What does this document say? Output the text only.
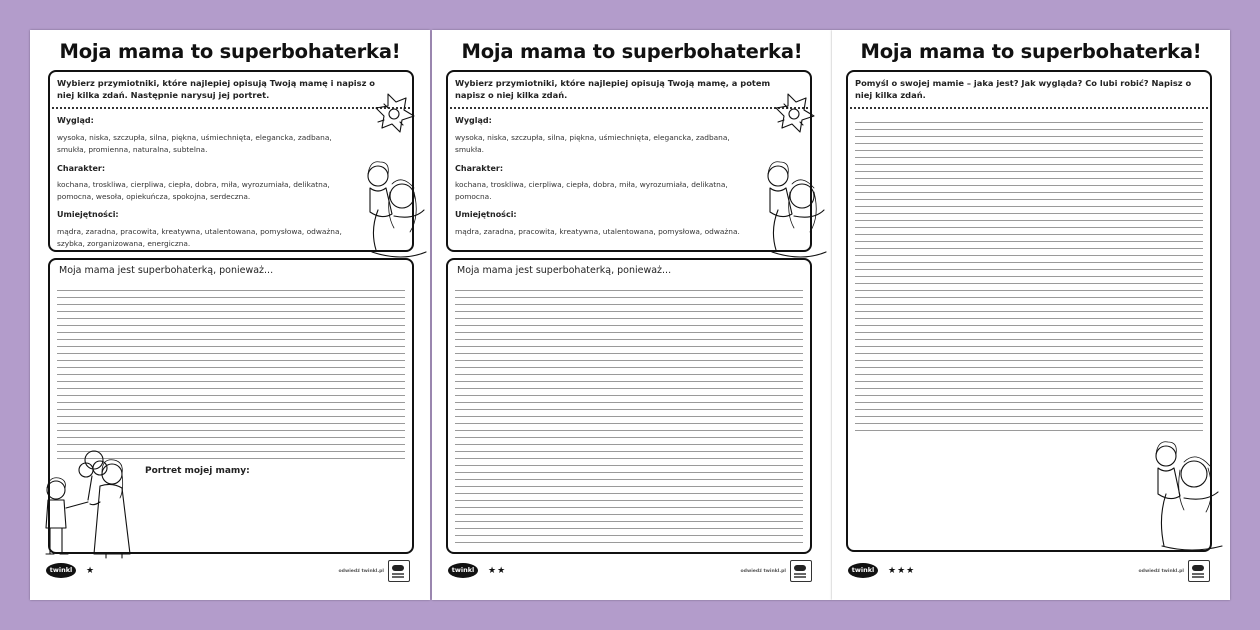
Moja mama to superbohaterka!
Wybierz przymiotniki, które najlepiej opisują Twoją mamę i napisz o niej kilka zdań. Następnie narysuj jej portret.
Wygląd:
wysoka, niska, szczupła, silna, piękna, uśmiechnięta, elegancka, zadbana, smukła, promienna, naturalna, subtelna.
Charakter:
kochana, troskliwa, cierpliwa, ciepła, dobra, miła, wyrozumiała, delikatna, pomocna, wesoła, opiekuńcza, spokojna, serdeczna.
Umiejętności:
mądra, zaradna, pracowita, kreatywna, utalentowana, pomysłowa, odważna, szybka, zorganizowana, energiczna.
Moja mama jest superbohaterką, ponieważ...
Portret mojej mamy:
twinkl	★	odwiedź twinkl.pl
Moja mama to superbohaterka!
Wybierz przymiotniki, które najlepiej opisują Twoją mamę, a potem napisz o niej kilka zdań.
Wygląd:
wysoka, niska, szczupła, silna, piękna, uśmiechnięta, elegancka, zadbana, smukła.
Charakter:
kochana, troskliwa, cierpliwa, ciepła, dobra, miła, wyrozumiała, delikatna, pomocna.
Umiejętności:
mądra, zaradna, pracowita, kreatywna, utalentowana, pomysłowa, odważna.
Moja mama jest superbohaterką, ponieważ...
twinkl	★★	odwiedź twinkl.pl
Moja mama to superbohaterka!
Pomyśl o swojej mamie – jaka jest? Jak wygląda? Co lubi robić? Napisz o niej kilka zdań.
twinkl	★★★	odwiedź twinkl.pl
